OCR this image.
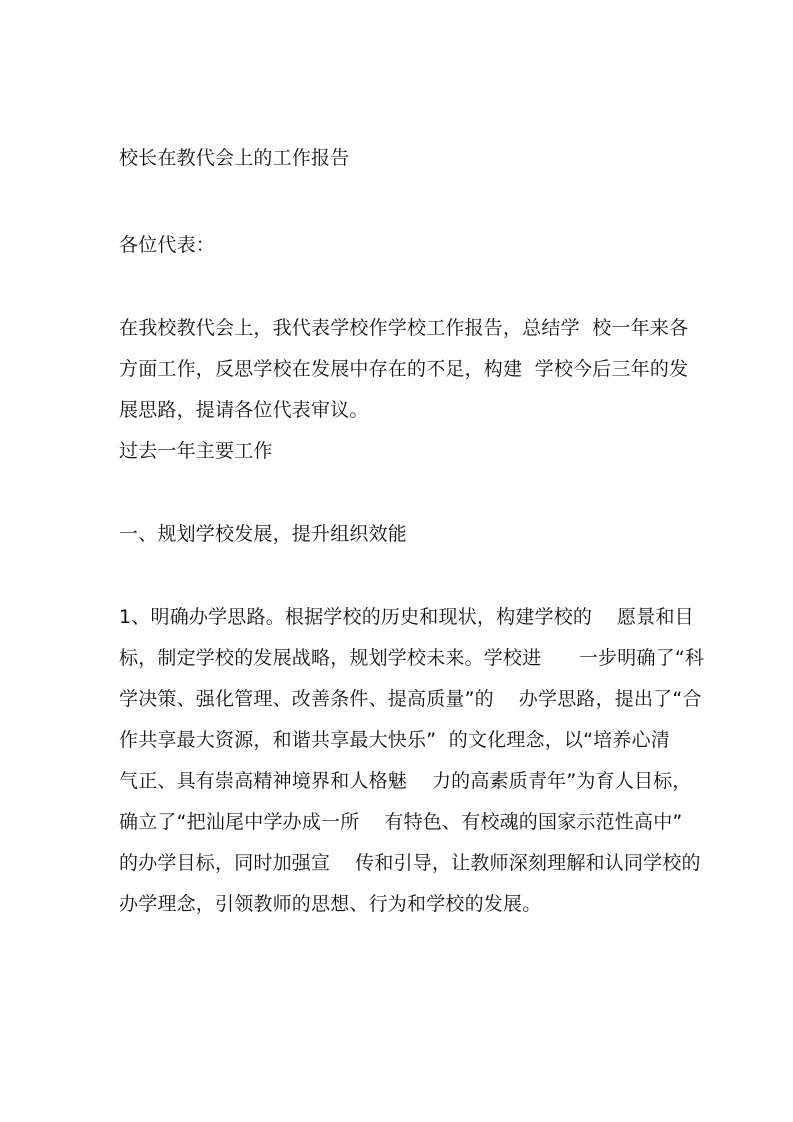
校长在教代会上的工作报告
各位代表：
在我校教代会上，我代表学校作学校工作报告，总结学  校一年来各
方面工作，反思学校在发展中存在的不足，构建  学校今后三年的发
展思路，提请各位代表审议。
过去一年主要工作
一、规划学校发展，提升组织效能
1、明确办学思路。根据学校的历史和现状，构建学校的    愿景和目
标，制定学校的发展战略，规划学校未来。学校进      一步明确了“科
学决策、强化管理、改善条件、提高质量”的    办学思路，提出了“合
作共享最大资源，和谐共享最大快乐”  的文化理念，以“培养心清
气正、具有崇高精神境界和人格魅    力的高素质青年”为育人目标，
确立了“把汕尾中学办成一所    有特色、有校魂的国家示范性高中”
的办学目标，同时加强宣    传和引导，让教师深刻理解和认同学校的
办学理念，引领教师的思想、行为和学校的发展。
